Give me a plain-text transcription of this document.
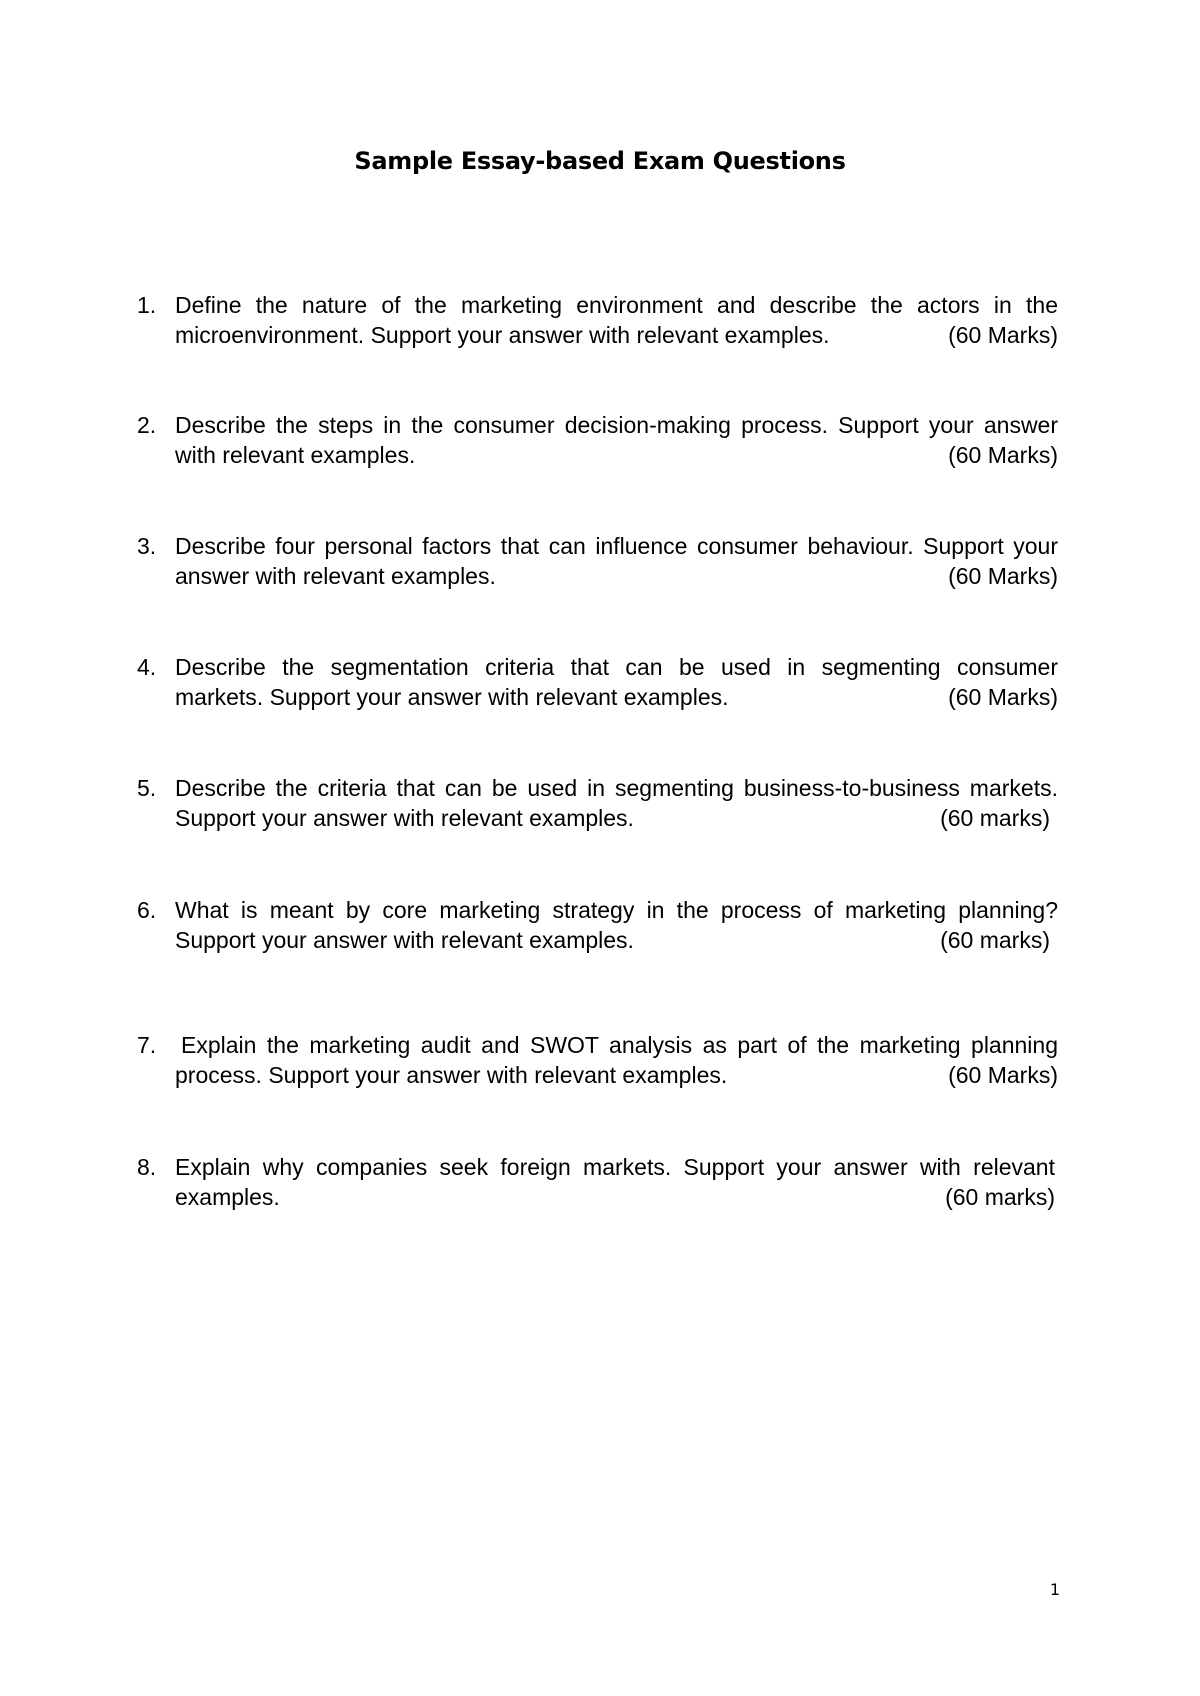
Sample Essay-based Exam Questions
1. Define the nature of the marketing environment and describe the actors in the
microenvironment. Support your answer with relevant examples.	(60 Marks)
2. Describe the steps in the consumer decision-making process. Support your answer
with relevant examples.	(60 Marks)
3. Describe four personal factors that can influence consumer behaviour. Support your
answer with relevant examples.	(60 Marks)
4. Describe the segmentation criteria that can be used in segmenting consumer
markets. Support your answer with relevant examples.	(60 Marks)
5. Describe the criteria that can be used in segmenting business-to-business markets.
Support your answer with relevant examples.	(60 marks)
6. What is meant by core marketing strategy in the process of marketing planning?
Support your answer with relevant examples.	(60 marks)
7. Explain the marketing audit and SWOT analysis as part of the marketing planning
process. Support your answer with relevant examples.	(60 Marks)
8. Explain why companies seek foreign markets. Support your answer with relevant
examples.	(60 marks)
1
